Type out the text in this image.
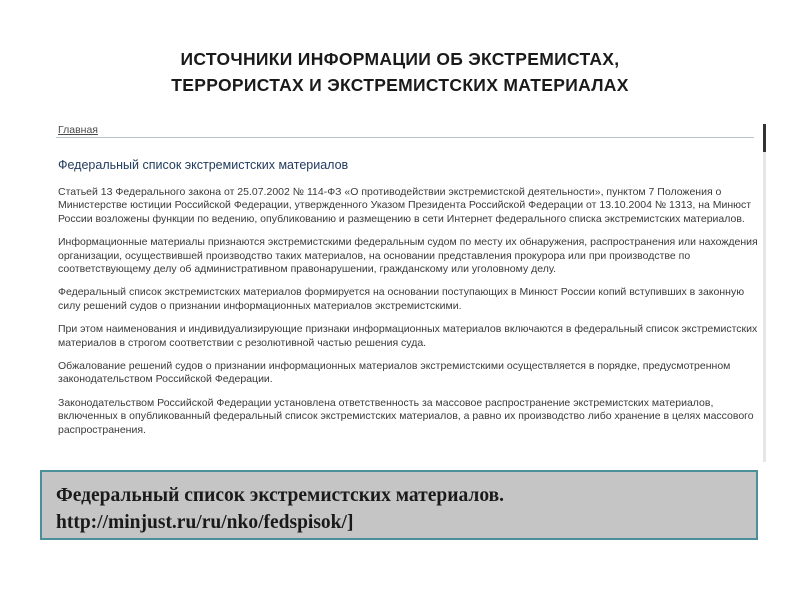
ИСТОЧНИКИ ИНФОРМАЦИИ ОБ ЭКСТРЕМИСТАХ,
ТЕРРОРИСТАХ И ЭКСТРЕМИСТСКИХ МАТЕРИАЛАХ
Главная
Федеральный список экстремистских материалов

Статьей 13 Федерального закона от 25.07.2002 № 114-ФЗ «О противодействии экстремистской деятельности», пунктом 7 Положения о Министерстве юстиции Российской Федерации, утвержденного Указом Президента Российской Федерации от 13.10.2004 № 1313, на Минюст России возложены функции по ведению, опубликованию и размещению в сети Интернет федерального списка экстремистских материалов.

Информационные материалы признаются экстремистскими федеральным судом по месту их обнаружения, распространения или нахождения организации, осуществившей производство таких материалов, на основании представления прокурора или при производстве по соответствующему делу об административном правонарушении, гражданскому или уголовному делу.

Федеральный список экстремистских материалов формируется на основании поступающих в Минюст России копий вступивших в законную силу решений судов о признании информационных материалов экстремистскими.

При этом наименования и индивидуализирующие признаки информационных материалов включаются в федеральный список экстремистских материалов в строгом соответствии с резолютивной частью решения суда.

Обжалование решений судов о признании информационных материалов экстремистскими осуществляется в порядке, предусмотренном законодательством Российской Федерации.

Законодательством Российской Федерации установлена ответственность за массовое распространение экстремистских материалов, включенных в опубликованный федеральный список экстремистских материалов, а равно их производство либо хранение в целях массового распространения.

Федеральный список экстремистских материалов.
http://minjust.ru/ru/nko/fedspisok/]
